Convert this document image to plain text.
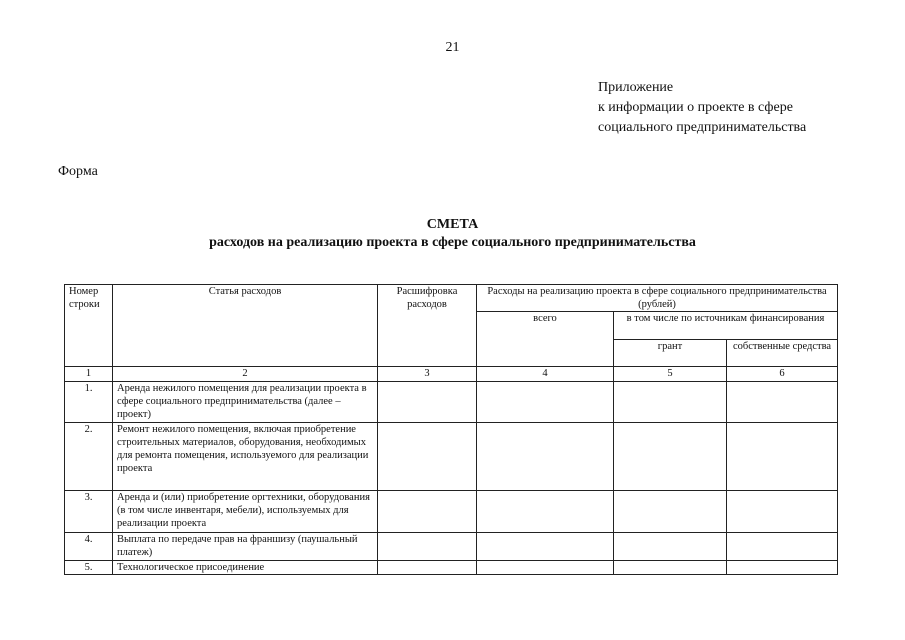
21
Приложение
к информации о проекте в сфере
социального предпринимательства
Форма
СМЕТА
расходов на реализацию проекта в сфере социального предпринимательства
Номер строки	Статья расходов	Расшифровка расходов	Расходы на реализацию проекта в сфере социального предпринимательства (рублей)		
			всего	в том числе по источникам финансирования	
				грант	собственные средства
1	2	3	4	5	6
1.	Аренда нежилого помещения для реализации проекта в сфере социального предпринимательства (далее – проект)				
2.	Ремонт нежилого помещения, включая приобретение строительных материалов, оборудования, необходимых для ремонта помещения, используемого для реализации проекта				
3.	Аренда и (или) приобретение оргтехники, оборудования (в том числе инвентаря, мебели), используемых для реализации проекта				
4.	Выплата по передаче прав на франшизу (паушальный платеж)				
5.	Технологическое присоединение				
